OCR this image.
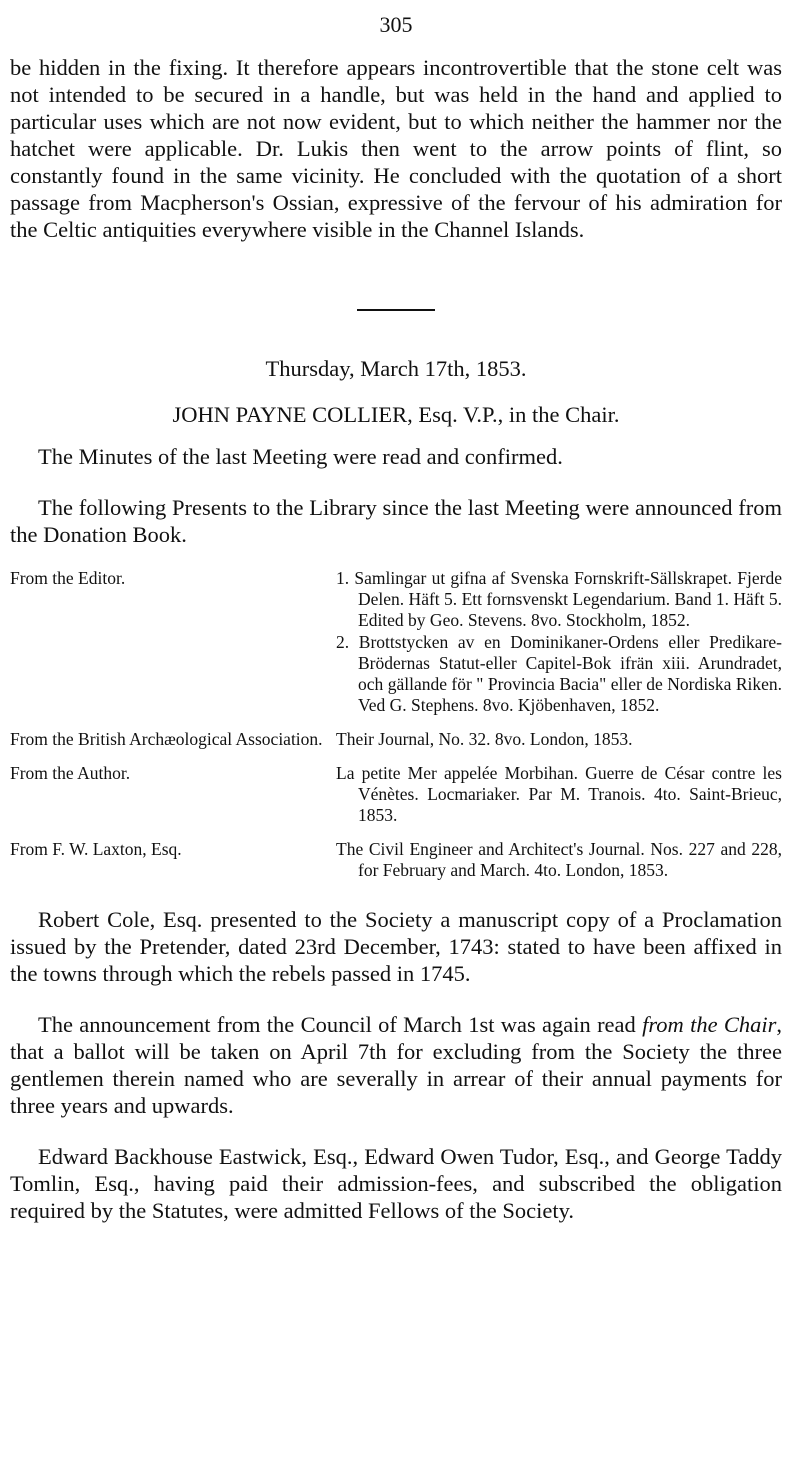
305

be hidden in the fixing. It therefore appears incontrovertible that the stone celt was not intended to be secured in a handle, but was held in the hand and applied to particular uses which are not now evident, but to which neither the hammer nor the hatchet were applicable. Dr. Lukis then went to the arrow points of flint, so constantly found in the same vicinity. He concluded with the quotation of a short passage from Macpherson's Ossian, expressive of the fervour of his admiration for the Celtic antiquities everywhere visible in the Channel Islands.

Thursday, March 17th, 1853.
JOHN PAYNE COLLIER, Esq. V.P., in the Chair.

The Minutes of the last Meeting were read and confirmed.

The following Presents to the Library since the last Meeting were announced from the Donation Book.

From the Editor.	1. Samlingar ut gifna af Svenska Fornskrift-Sällskrapet. Fjerde Delen. Häft 5. Ett fornsvenskt Legendarium. Band 1. Häft 5. Edited by Geo. Stevens. 8vo. Stockholm, 1852.
2. Brottstycken av en Dominikaner-Ordens eller Predikare-Brödernas Statut-eller Capitel-Bok ifrän xiii. Arundradet, och gällande för " Provincia Bacia" eller de Nordiska Riken. Ved G. Stephens. 8vo. Kjöbenhaven, 1852.
From the British Archæological Association. Their Journal, No. 32. 8vo. London, 1853.
From the Author.	La petite Mer appelée Morbihan. Guerre de César contre les Vénètes. Locmariaker. Par M. Tranois. 4to. Saint-Brieuc, 1853.
From F. W. Laxton, Esq.	The Civil Engineer and Architect's Journal. Nos. 227 and 228, for February and March. 4to. London, 1853.

Robert Cole, Esq. presented to the Society a manuscript copy of a Proclamation issued by the Pretender, dated 23rd December, 1743: stated to have been affixed in the towns through which the rebels passed in 1745.

The announcement from the Council of March 1st was again read from the Chair, that a ballot will be taken on April 7th for excluding from the Society the three gentlemen therein named who are severally in arrear of their annual payments for three years and upwards.

Edward Backhouse Eastwick, Esq., Edward Owen Tudor, Esq., and George Taddy Tomlin, Esq., having paid their admission-fees, and subscribed the obligation required by the Statutes, were admitted Fellows of the Society.
